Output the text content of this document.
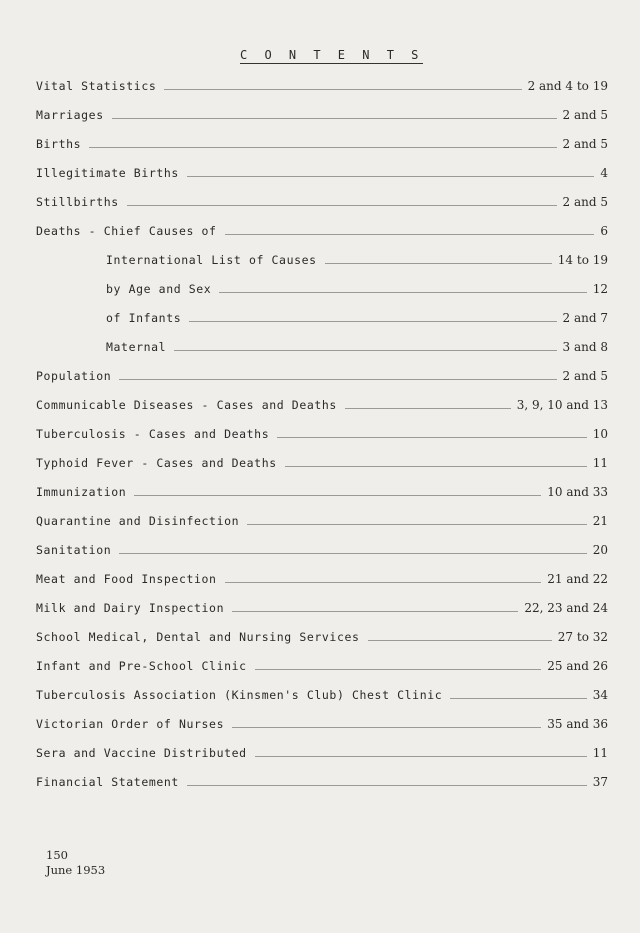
C O N T E N T S
Vital Statistics	2 and 4 to 19
Marriages	2 and 5
Births	2 and 5
Illegitimate Births	4
Stillbirths	2 and 5
Deaths - Chief Causes of	6
International List of Causes	14 to 19
by Age and Sex	12
of Infants	2 and 7
Maternal	3 and 8
Population	2 and 5
Communicable Diseases - Cases and Deaths	3, 9, 10 and 13
Tuberculosis - Cases and Deaths	10
Typhoid Fever - Cases and Deaths	11
Immunization	10 and 33
Quarantine and Disinfection	21
Sanitation	20
Meat and Food Inspection	21 and 22
Milk and Dairy Inspection	22, 23 and 24
School Medical, Dental and Nursing Services	27 to 32
Infant and Pre-School Clinic	25 and 26
Tuberculosis Association (Kinsmen's Club) Chest Clinic	34
Victorian Order of Nurses	35 and 36
Sera and Vaccine Distributed	11
Financial Statement	37
150
June 1953
